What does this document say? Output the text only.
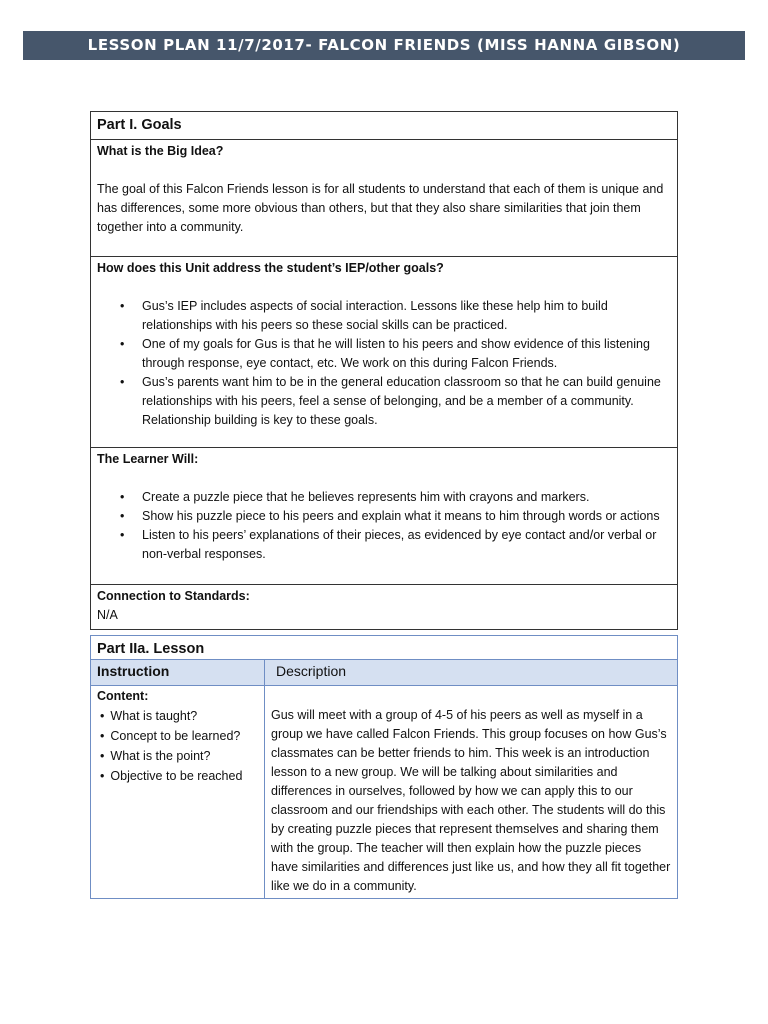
LESSON PLAN 11/7/2017- FALCON FRIENDS (MISS HANNA GIBSON)
Part I. Goals
What is the Big Idea?
The goal of this Falcon Friends lesson is for all students to understand that each of them is unique and has differences, some more obvious than others, but that they also share similarities that join them together into a community.
How does this Unit address the student’s IEP/other goals?
• Gus’s IEP includes aspects of social interaction. Lessons like these help him to build relationships with his peers so these social skills can be practiced.
• One of my goals for Gus is that he will listen to his peers and show evidence of this listening through response, eye contact, etc. We work on this during Falcon Friends.
• Gus’s parents want him to be in the general education classroom so that he can build genuine relationships with his peers, feel a sense of belonging, and be a member of a community. Relationship building is key to these goals.
The Learner Will:
• Create a puzzle piece that he believes represents him with crayons and markers.
• Show his puzzle piece to his peers and explain what it means to him through words or actions
• Listen to his peers’ explanations of their pieces, as evidenced by eye contact and/or verbal or non-verbal responses.
Connection to Standards:
N/A
Part IIa. Lesson
Instruction	Description
Content:
• What is taught?
• Concept to be learned?
• What is the point?
• Objective to be reached
Gus will meet with a group of 4-5 of his peers as well as myself in a group we have called Falcon Friends. This group focuses on how Gus’s classmates can be better friends to him. This week is an introduction lesson to a new group. We will be talking about similarities and differences in ourselves, followed by how we can apply this to our classroom and our friendships with each other. The students will do this by creating puzzle pieces that represent themselves and sharing them with the group. The teacher will then explain how the puzzle pieces have similarities and differences just like us, and how they all fit together like we do in a community.
